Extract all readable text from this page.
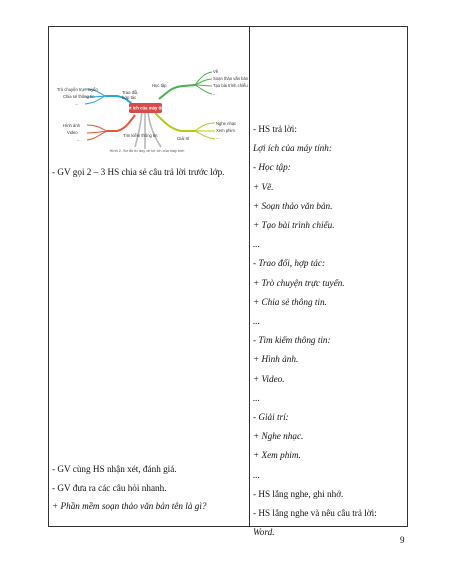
Học tập
Vẽ
Soạn thảo văn bản
Tạo bài trình chiếu
...
Trao đổi,
hợp tác
Trò chuyện trực tuyến
Chia sẻ thông tin
...
Tìm kiếm thông tin
Hình ảnh
Video
...	Giải trí
Nghe nhạc
Xem phim
...
Lợi ích của máy tính
Hình 2. Sơ đồ tư duy về lợi ích của máy tính
- GV gọi 2 – 3 HS chia sẻ câu trả lời trước lớp.
- GV cùng HS nhận xét, đánh giá.
- GV đưa ra các câu hỏi nhanh.
+ Phần mềm soạn thảo văn bản tên là gì?
- HS trả lời:
Lợi ích của máy tính:
- Học tập:
+ Vẽ.
+ Soạn thảo văn bản.
+ Tạo bài trình chiếu.
...
- Trao đổi, hợp tác:
+ Trò chuyện trực tuyến.
+ Chia sẻ thông tin.
...
- Tìm kiếm thông tin:
+ Hình ảnh.
+ Video.
...
- Giải trí:
+ Nghe nhạc.
+ Xem phim.
...
- HS lắng nghe, ghi nhớ.
- HS lắng nghe và nêu câu trả lời:
Word.
9
